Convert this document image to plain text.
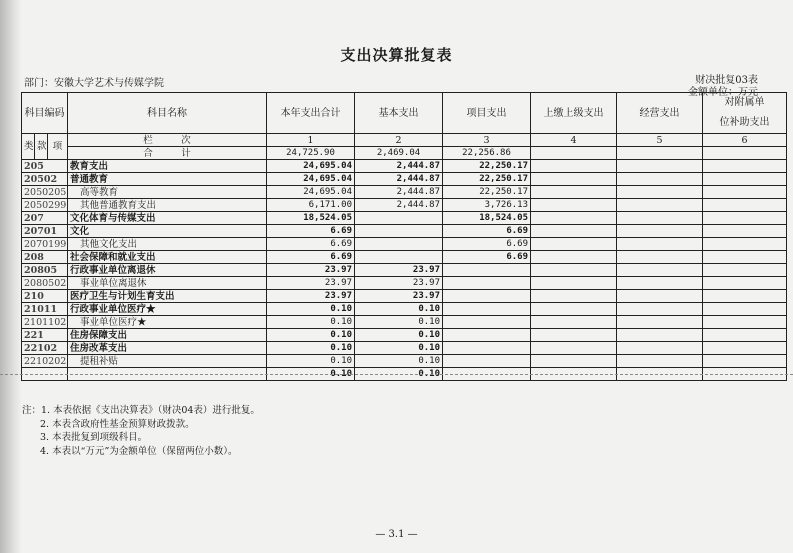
支出决算批复表
部门：安徽大学艺术与传媒学院	财决批复03表
金额单位：万元
科目编码			科目名称	本年支出合计	基本支出	项目支出	上缴上级支出	经营支出	对附属单
位补助支出

类	款	项	栏　　　次	1	2	3	4	5	6
			合　　　计	24,725.90	2,469.04	22,256.86			
205			教育支出	24,695.04	2,444.87	22,250.17			
20502			普通教育	24,695.04	2,444.87	22,250.17			
2050205			高等教育	24,695.04	2,444.87	22,250.17			
2050299			其他普通教育支出	6,171.00	2,444.87	3,726.13			
207			文化体育与传媒支出	18,524.05		18,524.05			
20701			文化	6.69		6.69			
2070199			其他文化支出	6.69		6.69			
208			社会保障和就业支出	6.69		6.69			
20805			行政事业单位离退休	23.97	23.97				
2080502			事业单位离退休	23.97	23.97				
210			医疗卫生与计划生育支出	23.97	23.97				
21011			行政事业单位医疗★	0.10	0.10				
2101102			事业单位医疗★	0.10	0.10				
221			住房保障支出	0.10	0.10				
22102			住房改革支出	0.10	0.10				
2210202			提租补贴	0.10	0.10				
				0.10	0.10				
注：1. 本表依据《支出决算表》（财决04表）进行批复。
2. 本表含政府性基金预算财政拨款。
3. 本表批复到项级科目。
4. 本表以“万元”为金额单位（保留两位小数）。
— 3.1 —
